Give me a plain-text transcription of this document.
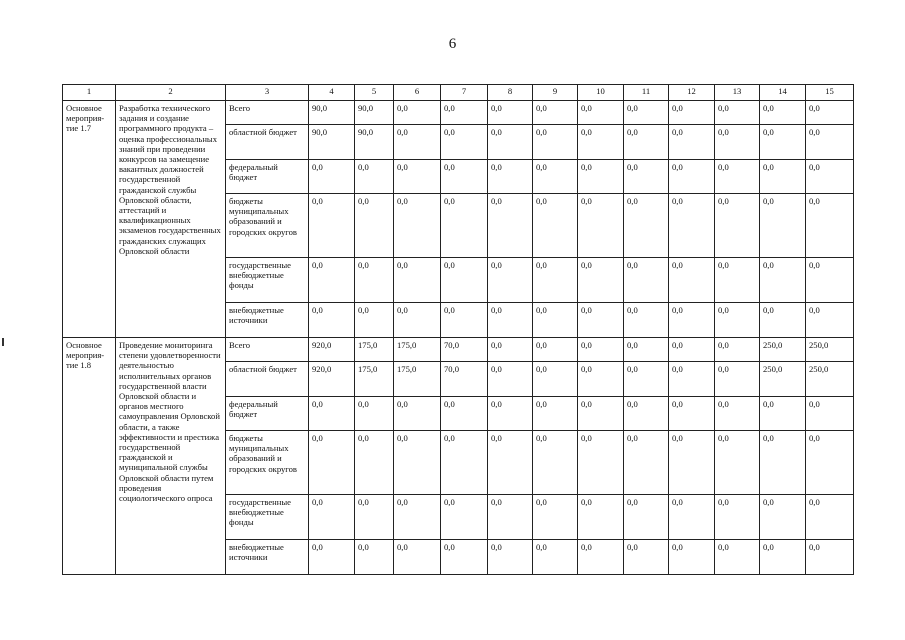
6
1	2	3	4	5	6	7	8	9	10	11	12	13	14	15
Основное мероприя-тие 1.7	Разработка технического задания и создание программного продукта – оценка профессиональных знаний при проведении конкурсов на замещение вакантных должностей государственной гражданской службы Орловской области, аттестаций и квалификационных экзаменов государственных гражданских служащих Орловской области	Всего	90,0	90,0	0,0	0,0	0,0	0,0	0,0	0,0	0,0	0,0	0,0	0,0
		областной бюджет	90,0	90,0	0,0	0,0	0,0	0,0	0,0	0,0	0,0	0,0	0,0	0,0
		федеральный бюджет	0,0	0,0	0,0	0,0	0,0	0,0	0,0	0,0	0,0	0,0	0,0	0,0
		бюджеты муниципальных образований и городских округов	0,0	0,0	0,0	0,0	0,0	0,0	0,0	0,0	0,0	0,0	0,0	0,0
		государственные внебюджетные фонды	0,0	0,0	0,0	0,0	0,0	0,0	0,0	0,0	0,0	0,0	0,0	0,0
		внебюджетные источники	0,0	0,0	0,0	0,0	0,0	0,0	0,0	0,0	0,0	0,0	0,0	0,0
Основное мероприя-тие 1.8	Проведение мониторинга степени удовлетворенности деятельностью исполнительных органов государственной власти Орловской области и органов местного самоуправления Орловской области, а также эффективности и престижа государственной гражданской и муниципальной службы Орловской области путем проведения социологического опроса	Всего	920,0	175,0	175,0	70,0	0,0	0,0	0,0	0,0	0,0	0,0	250,0	250,0
		областной бюджет	920,0	175,0	175,0	70,0	0,0	0,0	0,0	0,0	0,0	0,0	250,0	250,0
		федеральный бюджет	0,0	0,0	0,0	0,0	0,0	0,0	0,0	0,0	0,0	0,0	0,0	0,0
		бюджеты муниципальных образований и городских округов	0,0	0,0	0,0	0,0	0,0	0,0	0,0	0,0	0,0	0,0	0,0	0,0
		государственные внебюджетные фонды	0,0	0,0	0,0	0,0	0,0	0,0	0,0	0,0	0,0	0,0	0,0	0,0
		внебюджетные источники	0,0	0,0	0,0	0,0	0,0	0,0	0,0	0,0	0,0	0,0	0,0	0,0
